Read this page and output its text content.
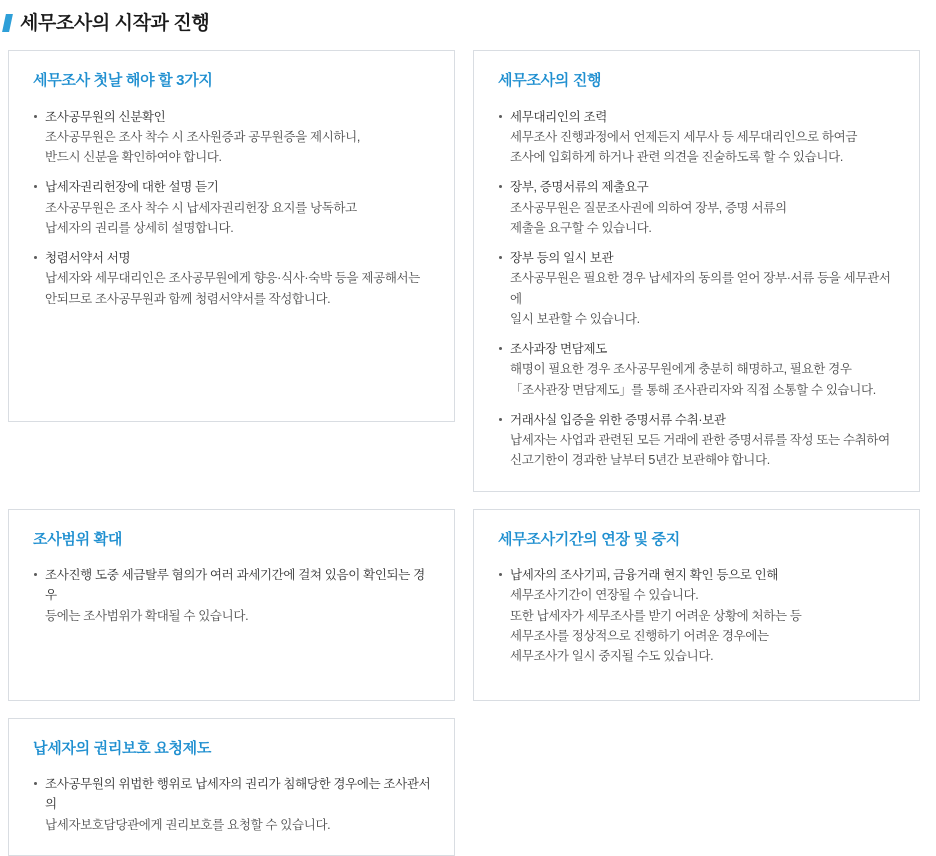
세무조사의 시작과 진행
세무조사 첫날 해야 할 3가지
조사공무원의 신분확인
조사공무원은 조사 착수 시 조사원증과 공무원증을 제시하니,
반드시 신분을 확인하여야 합니다.
납세자권리헌장에 대한 설명 듣기
조사공무원은 조사 착수 시 납세자권리헌장 요지를 낭독하고
납세자의 권리를 상세히 설명합니다.
청렴서약서 서명
납세자와 세무대리인은 조사공무원에게 향응·식사·숙박 등을 제공해서는
안되므로 조사공무원과 함께 청렴서약서를 작성합니다.
세무조사의 진행
세무대리인의 조력
세무조사 진행과정에서 언제든지 세무사 등 세무대리인으로 하여금
조사에 입회하게 하거나 관련 의견을 진술하도록 할 수 있습니다.
장부, 증명서류의 제출요구
조사공무원은 질문조사권에 의하여 장부, 증명 서류의
제출을 요구할 수 있습니다.
장부 등의 일시 보관
조사공무원은 필요한 경우 납세자의 동의를 얻어 장부·서류 등을 세무관서에
일시 보관할 수 있습니다.
조사과장 면담제도
해명이 필요한 경우 조사공무원에게 충분히 해명하고, 필요한 경우
「조사관장 면담제도」를 통해 조사관리자와 직접 소통할 수 있습니다.
거래사실 입증을 위한 증명서류 수취·보관
납세자는 사업과 관련된 모든 거래에 관한 증명서류를 작성 또는 수취하여
신고기한이 경과한 날부터 5년간 보관해야 합니다.
조사범위 확대
조사진행 도중 세금탈루 혐의가 여러 과세기간에 걸쳐 있음이 확인되는 경우
등에는 조사범위가 확대될 수 있습니다.
세무조사기간의 연장 및 중지
납세자의 조사기피, 금융거래 현지 확인 등으로 인해
세무조사기간이 연장될 수 있습니다.
또한 납세자가 세무조사를 받기 어려운 상황에 처하는 등
세무조사를 정상적으로 진행하기 어려운 경우에는
세무조사가 일시 중지될 수도 있습니다.
납세자의 권리보호 요청제도
조사공무원의 위법한 행위로 납세자의 권리가 침해당한 경우에는 조사관서의
납세자보호담당관에게 권리보호를 요청할 수 있습니다.
